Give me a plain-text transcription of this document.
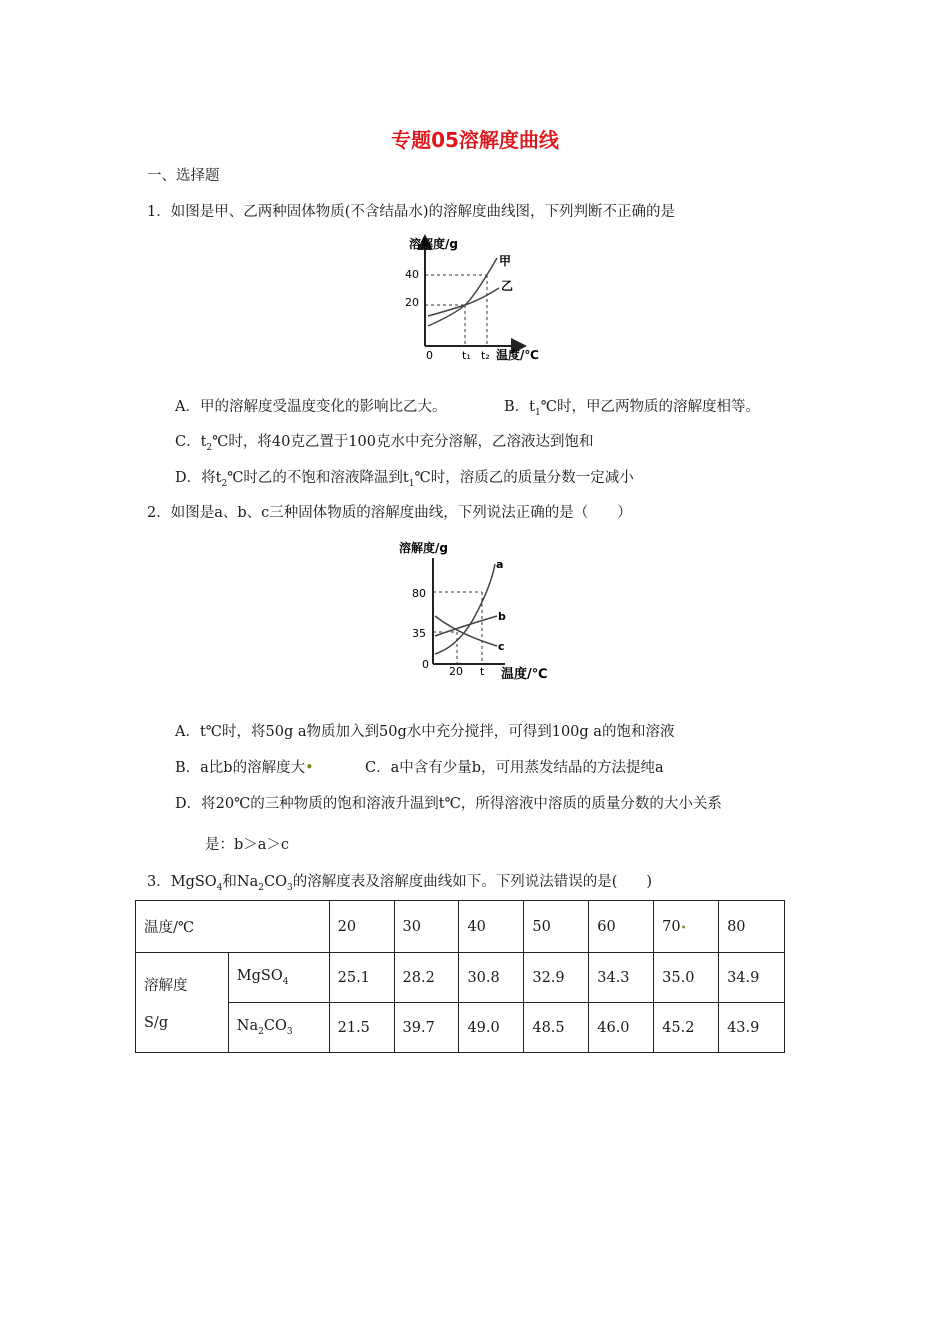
专题05溶解度曲线
一、选择题
1．如图是甲、乙两种固体物质(不含结晶水)的溶解度曲线图，下列判断不正确的是
溶解度/g
40
20
0	t₁ t₂ 温度/℃
甲
乙
A．甲的溶解度受温度变化的影响比乙大。	B．$t_1℃$时，甲乙两物质的溶解度相等。
C．$t_2℃$时，将40克乙置于100克水中充分溶解，乙溶液达到饱和
D．将$t_2℃$时乙的不饱和溶液降温到$t_1℃$时，溶质乙的质量分数一定减小
2．如图是a、b、c三种固体物质的溶解度曲线，下列说法正确的是（　　）
溶解度/g
80
35
0
20 t 温度/℃
a
b
c
A．t℃时，将50g a物质加入到50g水中充分搅拌，可得到100g a的饱和溶液
B．a比b的溶解度大•	C．a中含有少量b，可用蒸发结晶的方法提纯a
D．将20℃的三种物质的饱和溶液升温到t℃，所得溶液中溶质的质量分数的大小关系
是：b＞a＞c
3．MgSO$_4$和$Na_2CO_3$的溶解度表及溶解度曲线如下。下列说法错误的是(　　)
温度/℃		20	30	40	50	60	70•	80

溶解度
S/g	MgSO$_4$	25.1	28.2	30.8	32.9	34.3	35.0	34.9
	$Na_2CO_3$	21.5	39.7	49.0	48.5	46.0	45.2	43.9
